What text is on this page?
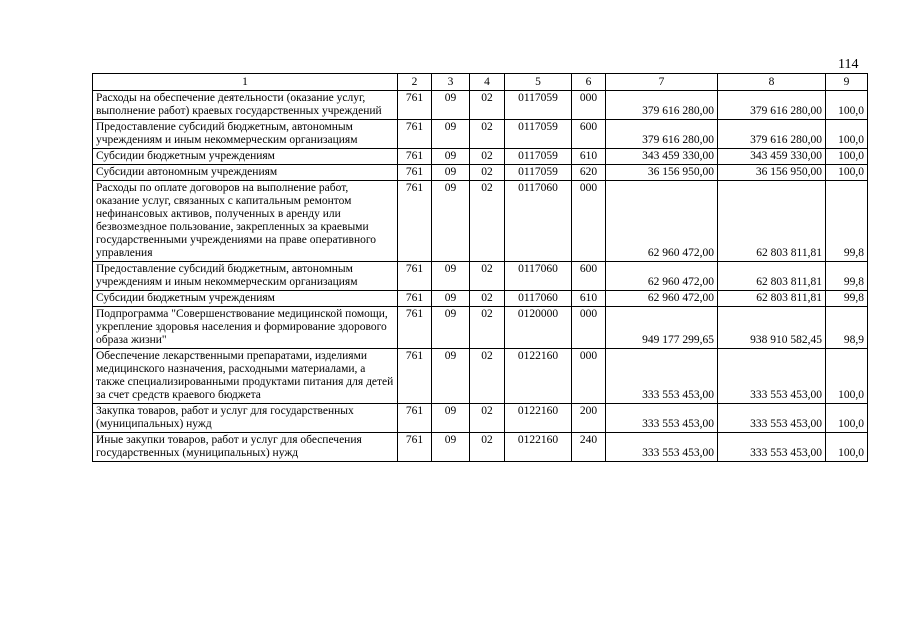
114
1	2	3	4	5	6	7	8	9
Расходы на обеспечение деятельности (оказание услуг, выполнение работ) краевых государственных учреждений	761	09	02	0117059	000	379 616 280,00	379 616 280,00	100,0
Предоставление субсидий бюджетным, автономным учреждениям и иным некоммерческим организациям	761	09	02	0117059	600	379 616 280,00	379 616 280,00	100,0
Субсидии бюджетным учреждениям	761	09	02	0117059	610	343 459 330,00	343 459 330,00	100,0
Субсидии автономным учреждениям	761	09	02	0117059	620	36 156 950,00	36 156 950,00	100,0
Расходы по оплате договоров на выполнение работ, оказание услуг, связанных с капитальным ремонтом нефинансовых активов, полученных в аренду или безвозмездное пользование, закрепленных за краевыми государственными учреждениями на праве оперативного управления	761	09	02	0117060	000	62 960 472,00	62 803 811,81	99,8
Предоставление субсидий бюджетным, автономным учреждениям и иным некоммерческим организациям	761	09	02	0117060	600	62 960 472,00	62 803 811,81	99,8
Субсидии бюджетным учреждениям	761	09	02	0117060	610	62 960 472,00	62 803 811,81	99,8
Подпрограмма "Совершенствование медицинской помощи, укрепление здоровья населения и формирование здорового образа жизни"	761	09	02	0120000	000	949 177 299,65	938 910 582,45	98,9
Обеспечение лекарственными препаратами, изделиями медицинского назначения, расходными материалами, а также специализированными продуктами питания для детей за счет средств краевого бюджета	761	09	02	0122160	000	333 553 453,00	333 553 453,00	100,0
Закупка товаров, работ и услуг для государственных (муниципальных) нужд	761	09	02	0122160	200	333 553 453,00	333 553 453,00	100,0
Иные закупки товаров, работ и услуг для обеспечения государственных (муниципальных) нужд	761	09	02	0122160	240	333 553 453,00	333 553 453,00	100,0
